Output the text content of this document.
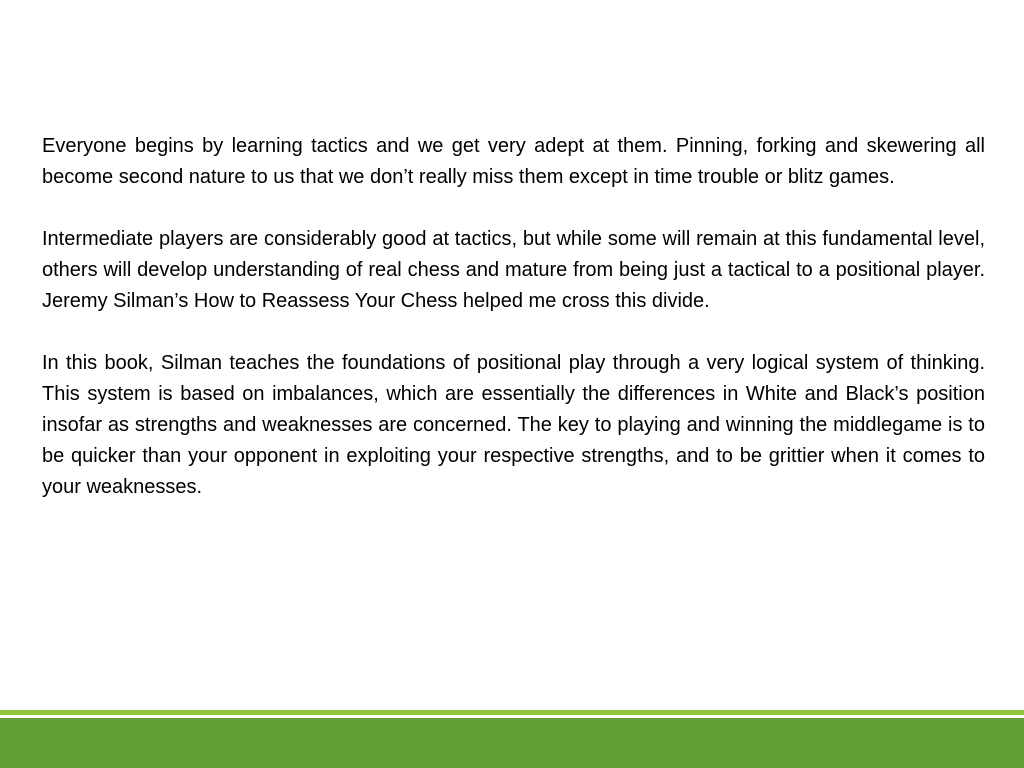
Everyone begins by learning tactics and we get very adept at them. Pinning, forking and skewering all become second nature to us that we don’t really miss them except in time trouble or blitz games.

Intermediate players are considerably good at tactics, but while some will remain at this fundamental level, others will develop understanding of real chess and mature from being just a tactical to a positional player. Jeremy Silman’s How to Reassess Your Chess helped me cross this divide.

In this book, Silman teaches the foundations of positional play through a very logical system of thinking. This system is based on imbalances, which are essentially the differences in White and Black’s position insofar as strengths and weaknesses are concerned. The key to playing and winning the middlegame is to be quicker than your opponent in exploiting your respective strengths, and to be grittier when it comes to your weaknesses.
